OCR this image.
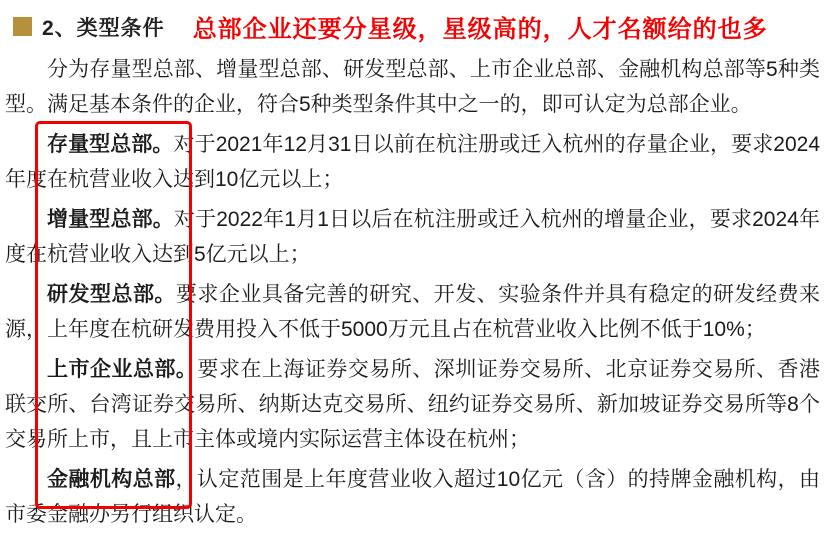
2、类型条件 总部企业还要分星级，星级高的，人才名额给的也多

分为存量型总部、增量型总部、研发型总部、上市企业总部、金融机构总部等5种类型。满足基本条件的企业，符合5种类型条件其中之一的，即可认定为总部企业。

存量型总部。对于2021年12月31日以前在杭注册或迁入杭州的存量企业，要求2024年度在杭营业收入达到10亿元以上；

增量型总部。对于2022年1月1日以后在杭注册或迁入杭州的增量企业，要求2024年度在杭营业收入达到5亿元以上；

研发型总部。要求企业具备完善的研究、开发、实验条件并具有稳定的研发经费来源，上年度在杭研发费用投入不低于5000万元且占在杭营业收入比例不低于10%；

上市企业总部。要求在上海证券交易所、深圳证券交易所、北京证券交易所、香港联交所、台湾证券交易所、纳斯达克交易所、纽约证券交易所、新加坡证券交易所等8个交易所上市，且上市主体或境内实际运营主体设在杭州；

金融机构总部，认定范围是上年度营业收入超过10亿元（含）的持牌金融机构，由市委金融办另行组织认定。
